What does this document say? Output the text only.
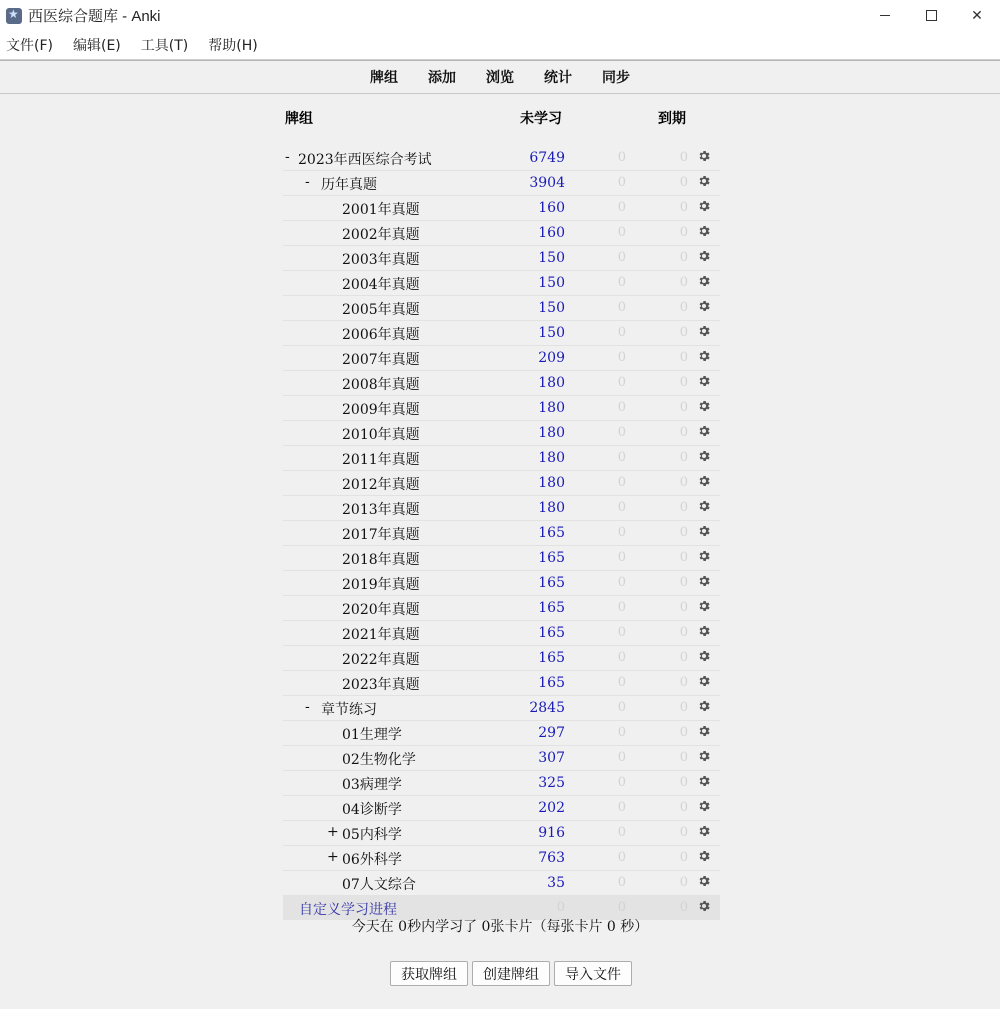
★
西医综合题库 - Anki	✕
文件(F) 编辑(E) 工具(T) 帮助(H)
牌组 添加 浏览 统计 同步
牌组	未学习	到期
- 2023年西医综合考试	6749	0	0
- 历年真题	3904	0	0
2001年真题	160	0	0
2002年真题	160	0	0
2003年真题	150	0	0
2004年真题	150	0	0
2005年真题	150	0	0
2006年真题	150	0	0
2007年真题	209	0	0
2008年真题	180	0	0
2009年真题	180	0	0
2010年真题	180	0	0
2011年真题	180	0	0
2012年真题	180	0	0
2013年真题	180	0	0
2017年真题	165	0	0
2018年真题	165	0	0
2019年真题	165	0	0
2020年真题	165	0	0
2021年真题	165	0	0
2022年真题	165	0	0
2023年真题	165	0	0
- 章节练习	2845	0	0
01生理学	297	0	0
02生物化学	307	0	0
03病理学	325	0	0
04诊断学	202	0	0
+ 05内科学	916	0	0
+ 06外科学	763	0	0
07人文综合	35	0	0
自定义学习进程	0	0	0
今天在 0秒内学习了 0张卡片（每张卡片 0 秒）
获取牌组	创建牌组	导入文件
